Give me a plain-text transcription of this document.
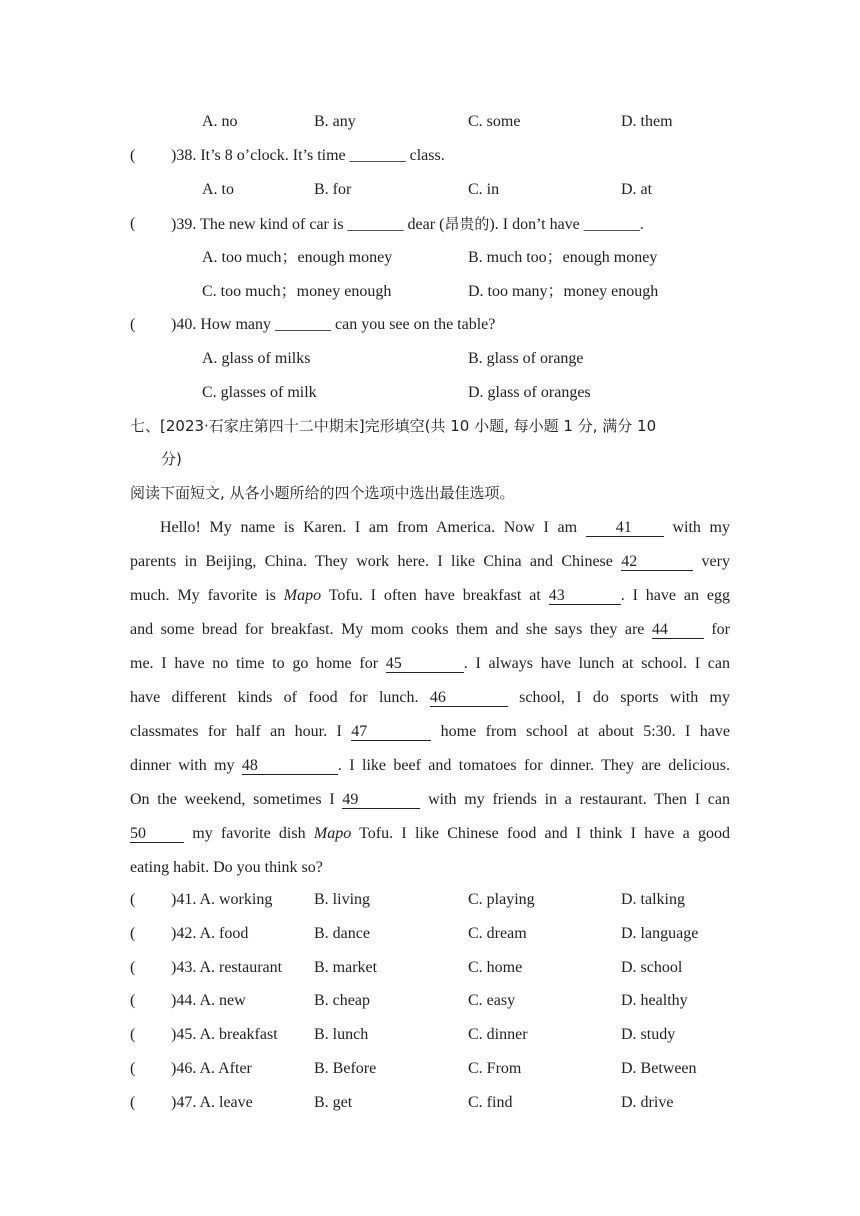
A. no	B. any	C. some	D. them
( )38. It’s 8 o’clock. It’s time _______ class.
A. to	B. for	C. in	D. at
( )39. The new kind of car is _______ dear (昂贵的). I don’t have _______.
A. too much；enough money	B. much too；enough money
C. too much；money enough	D. too many；money enough
( )40. How many _______ can you see on the table?
A. glass of milks	B. glass of orange
C. glasses of milk	D. glass of oranges
七、[2023·石家庄第四十二中期末]完形填空(共 10 小题, 每小题 1 分, 满分 10
分)
阅读下面短文, 从各小题所给的四个选项中选出最佳选项。
Hello! My name is Karen. I am from America. Now I am 41 with my
parents in Beijing, China. They work here. I like China and Chinese 42	very
much. My favorite is Mapo Tofu. I often have breakfast at 43	. I have an egg
and some bread for breakfast. My mom cooks them and she says they are 44 for
me. I have no time to go home for 45	. I always have lunch at school. I can
have different kinds of food for lunch. 46	school, I do sports with my
classmates for half an hour. I 47	home from school at about 5:30. I have
dinner with my 48	. I like beef and tomatoes for dinner. They are delicious.
On the weekend, sometimes I 49	with my friends in a restaurant. Then I can
50 my favorite dish Mapo Tofu. I like Chinese food and I think I have a good
eating habit. Do you think so?
( )41. A. working	B. living	C. playing	D. talking
( )42. A. food	B. dance	C. dream	D. language
( )43. A. restaurant B. market	C. home	D. school
( )44. A. new	B. cheap	C. easy	D. healthy
( )45. A. breakfast B. lunch	C. dinner	D. study
( )46. A. After	B. Before	C. From	D. Between
( )47. A. leave	B. get	C. find	D. drive
